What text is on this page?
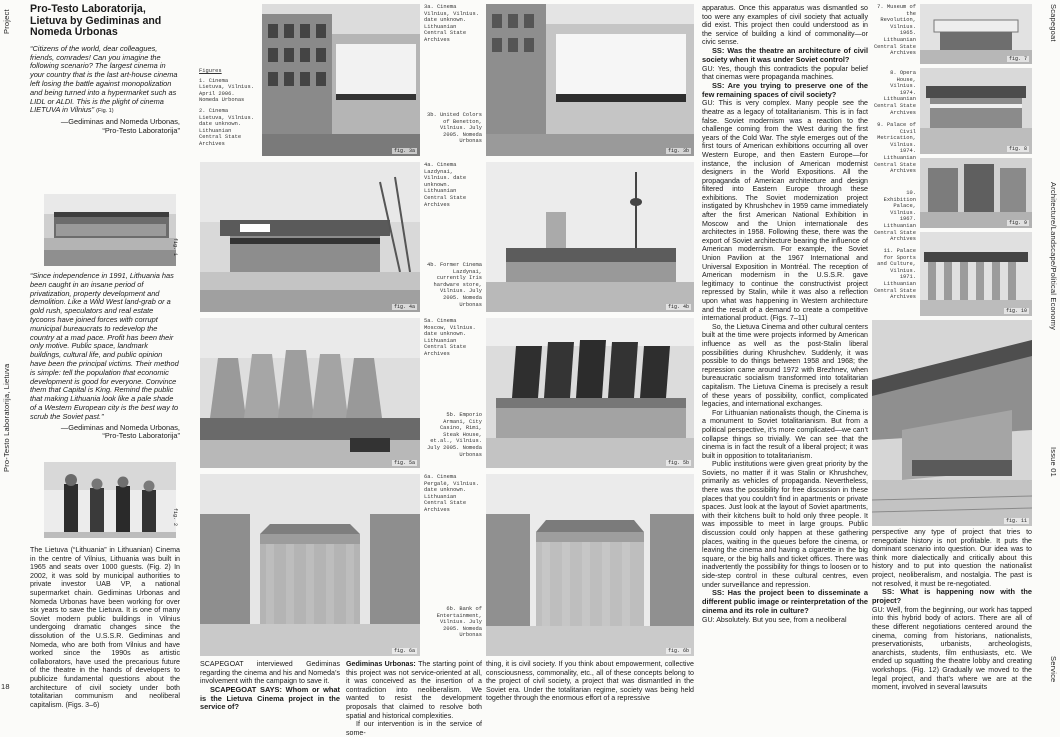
Project
Pro-Testo Laboratorija, Lietuva
18
Scapegoat
Architecture/Landscape/Political Economy
Issue 01
Service
Pro-Testo Laboratorija, Lietuva by Gediminas and Nomeda Urbonas

“Citizens of the world, dear colleagues, friends, comrades! Can you imagine the following scenario? The largest cinema in your country that is the last art-house cinema left losing the battle against monopolization and being turned into a hypermarket such as LIDL or ALDI. This is the plight of cinema LIETUVA in Vilnius” (Fig. 1)

—Gediminas and Nomeda Urbonas,
“Pro-Testo Laboratorija”

fig. 1

“Since independence in 1991, Lithuania has been caught in an insane period of privatization, property development and demolition. Like a Wild West land-grab or a gold rush, speculators and real estate tycoons have joined forces with corrupt municipal bureaucrats to redevelop the country at a mad pace. Profit has been their only motive. Public space, landmark buildings, cultural life, and public opinion have been the principal victims. Their method is simple: tell the population that economic development is good for everyone. Convince them that Capital is King. Remind the public that making Lithuania look like a pale shade of a Western European city is the best way to scrub the Soviet past.”

—Gediminas and Nomeda Urbonas,
“Pro-Testo Laboratorija”

fig. 2

The Lietuva (“Lithuania” in Lithuanian) Cinema in the centre of Vilnius, Lithuania was built in 1965 and seats over 1000 guests. (Fig. 2) In 2002, it was sold by municipal authorities to private investor UAB VP, a national supermarket chain. Gediminas Urbonas and Nomeda Urbonas have been working for over six years to save the Lietuva. It is one of many Soviet modern public buildings in Vilnius undergoing dramatic changes since the dissolution of the U.S.S.R. Gediminas and Nomeda, who are both from Vilnius and have worked since the 1990s as artistic collaborators, have used the precarious future of the theatre in the hands of developers to publicize fundamental questions about the architecture of civil society under both totalitarian communism and neoliberal capitalism. (Figs. 3–6)

Figures
1. Cinema Lietuva, Vilnius. April 2006. Nomeda Urbonas
2. Cinema Lietuva, Vilnius. date unknown. Lithuanian Central State Archives
fig. 3a
fig. 4a
fig. 5a
fig. 6a
3a. Cinema Vilnius, Vilnius. date unknown. Lithuanian Central State Archives
3b. United Colors of Benetton, Vilnius. July 2005. Nomeda Urbonas
4a. Cinema Lazdynai, Vilnius. date unknown. Lithuanian Central State Archives
4b. Former Cinema Lazdynai, currently Iris hardware store, Vilnius. July 2005. Nomeda Urbonas
5a. Cinema Moscow, Vilnius. date unknown. Lithuanian Central State Archives
5b. Emporio Armani, City Casino, Rimi, Steak House, et.al., Vilnius. July 2005. Nomeda Urbonas
6a. Cinema Pergalė, Vilnius. date unknown. Lithuanian Central State Archives
6b. Bank of Entertainment, Vilnius. July 2005. Nomeda Urbonas
fig. 3b
fig. 4b
fig. 5b
fig. 6b

SCAPEGOAT interviewed Gediminas regarding the cinema and his and Nomeda’s involvement with the campaign to save it.

SCAPEGOAT SAYS: Whom or what is the Lietuva Cinema project in the service of?

Gediminas Urbonas: The starting point of this project was not service-oriented at all, it was conceived as the insertion of a contradiction into neoliberalism. We wanted to resist the development proposals that claimed to resolve both spatial and historical complexities.

If our intervention is in the service of some-

thing, it is civil society. If you think about empowerment, collective consciousness, commonality, etc., all of these concepts belong to the project of civil society, a project that was dismantled in the Soviet era. Under the totalitarian regime, society was being held together through the enormous effort of a repressive

apparatus. Once this apparatus was dismantled so too were any examples of civil society that actually did exist. This project then could understood as in the service of building a kind of commonality—or civic sense.

SS: Was the theatre an architecture of civil society when it was under Soviet control?

GU: Yes, though this contradicts the popular belief that cinemas were propaganda machines.

SS: Are you trying to preserve one of the few remaining spaces of civil society?

GU: This is very complex. Many people see the theatre as a legacy of totalitarianism. This is in fact false. Soviet modernism was a reaction to the challenge coming from the West during the first years of the Cold War. The style emerges out of the first tours of American exhibitions occurring all over Western Europe, and then Eastern Europe—for instance, the inclusion of American modernist designers in the World Expositions. All the propaganda of American architecture and design filtered into Eastern Europe through these exhibitions. The Soviet modernization project instigated by Khrushchev in 1959 came immediately after the first American National Exhibition in Moscow and the Union internationale des architectes in 1958. Following these, there was the export of Soviet architecture bearing the influence of American modernism. For example, the Soviet Union Pavilion at the 1967 International and Universal Exposition in Montréal. The reception of American modernism in the U.S.S.R. gave legitimacy to continue the constructivist project repressed by Stalin, while it was also a reflection upon what was happening in Western architecture and the result of a demand to create a competitive international product. (Figs. 7–11)

So, the Lietuva Cinema and other cultural centers built at the time were projects informed by American influence as well as the post-Stalin liberal possibilities during Khrushchev. Suddenly, it was possible to do things between 1958 and 1968; the repression came around 1972 with Brezhnev, when bureaucratic socialism transformed into totalitarian capitalism. The Lietuva Cinema is precisely a result of these years of possibility, conflict, complicated legacies, and international exchanges.

For Lithuanian nationalists though, the Cinema is a monument to Soviet totalitarianism. But from a political perspective, it’s more complicated—we can’t collapse things so trivially. We can see that the cinema is in fact the result of a liberal project; it was built in opposition to totalitarianism.

Public institutions were given great priority by the Soviets, no matter if it was Stalin or Khrushchev, primarily as vehicles of propaganda. Nevertheless, there was the possibility for free discussion in these places that you couldn’t find in apartments or private spaces. Just look at the layout of Soviet apartments, with their kitchens built to hold only three people. It was impossible to meet in large groups. Public discussion could only happen at these gathering places, waiting in the queues before the cinema, or leaving the cinema and having a cigarette in the big square, or the big halls and ticket offices. There was inadvertently the possibility for things to loosen or to side-step control in these cultural centres, even under surveillance and repression.

SS: Has the project been to disseminate a different public image or reinterpretation of the cinema and its role in culture?

GU: Absolutely. But you see, from a neoliberal

7. Museum of the Revolution, Vilnius. 1965. Lithuanian Central State Archives
8. Opera House, Vilnius. 1974. Lithuanian Central State Archives
9. Palace of Civil Metrication, Vilnius. 1974. Lithuanian Central State Archives
10. Exhibition Palace, Vilnius. 1967. Lithuanian Central State Archives
11. Palace for Sports and Culture, Vilnius. 1971. Lithuanian Central State Archives
fig. 7
fig. 8
fig. 9
fig. 10
fig. 11

perspective any type of project that tries to renegotiate history is not profitable. It puts the dominant scenario into question. Our idea was to think more dialectically and critically about this history and to put into question the nationalist project, neoliberalism, and nostalgia. The past is not resolved, it must be re-negotiated.

SS: What is happening now with the project?

GU: Well, from the beginning, our work has tapped into this hybrid body of actors. There are all of these different negotiations centered around the cinema, coming from historians, nationalists, preservationists, urbanists, archeologists, anarchists, students, film enthusiasts, etc. We ended up squatting the theatre lobby and creating workshops. (Fig. 12) Gradually we moved to the legal project, and that’s where we are at the moment, involved in several lawsuits
